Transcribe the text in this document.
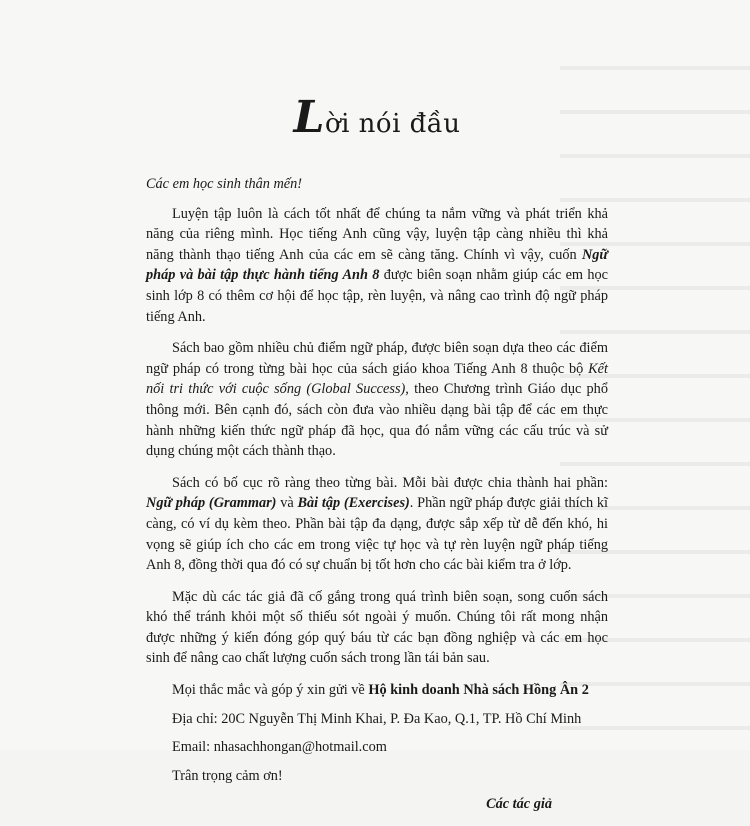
Lời nói đầu

Các em học sinh thân mến!

Luyện tập luôn là cách tốt nhất để chúng ta nắm vững và phát triển khả năng của riêng mình. Học tiếng Anh cũng vậy, luyện tập càng nhiều thì khả năng thành thạo tiếng Anh của các em sẽ càng tăng. Chính vì vậy, cuốn Ngữ pháp và bài tập thực hành tiếng Anh 8 được biên soạn nhằm giúp các em học sinh lớp 8 có thêm cơ hội để học tập, rèn luyện, và nâng cao trình độ ngữ pháp tiếng Anh.

Sách bao gồm nhiều chủ điểm ngữ pháp, được biên soạn dựa theo các điểm ngữ pháp có trong từng bài học của sách giáo khoa Tiếng Anh 8 thuộc bộ Kết nối tri thức với cuộc sống (Global Success), theo Chương trình Giáo dục phổ thông mới. Bên cạnh đó, sách còn đưa vào nhiều dạng bài tập để các em thực hành những kiến thức ngữ pháp đã học, qua đó nắm vững các cấu trúc và sử dụng chúng một cách thành thạo.

Sách có bố cục rõ ràng theo từng bài. Mỗi bài được chia thành hai phần: Ngữ pháp (Grammar) và Bài tập (Exercises). Phần ngữ pháp được giải thích kĩ càng, có ví dụ kèm theo. Phần bài tập đa dạng, được sắp xếp từ dễ đến khó, hi vọng sẽ giúp ích cho các em trong việc tự học và tự rèn luyện ngữ pháp tiếng Anh 8, đồng thời qua đó có sự chuẩn bị tốt hơn cho các bài kiểm tra ở lớp.

Mặc dù các tác giả đã cố gắng trong quá trình biên soạn, song cuốn sách khó thể tránh khỏi một số thiếu sót ngoài ý muốn. Chúng tôi rất mong nhận được những ý kiến đóng góp quý báu từ các bạn đồng nghiệp và các em học sinh để nâng cao chất lượng cuốn sách trong lần tái bản sau.

Mọi thắc mắc và góp ý xin gửi về Hộ kinh doanh Nhà sách Hồng Ân 2

Địa chỉ: 20C Nguyễn Thị Minh Khai, P. Đa Kao, Q.1, TP. Hồ Chí Minh

Email: nhasachhongan@hotmail.com

Trân trọng cảm ơn!

Các tác giả
